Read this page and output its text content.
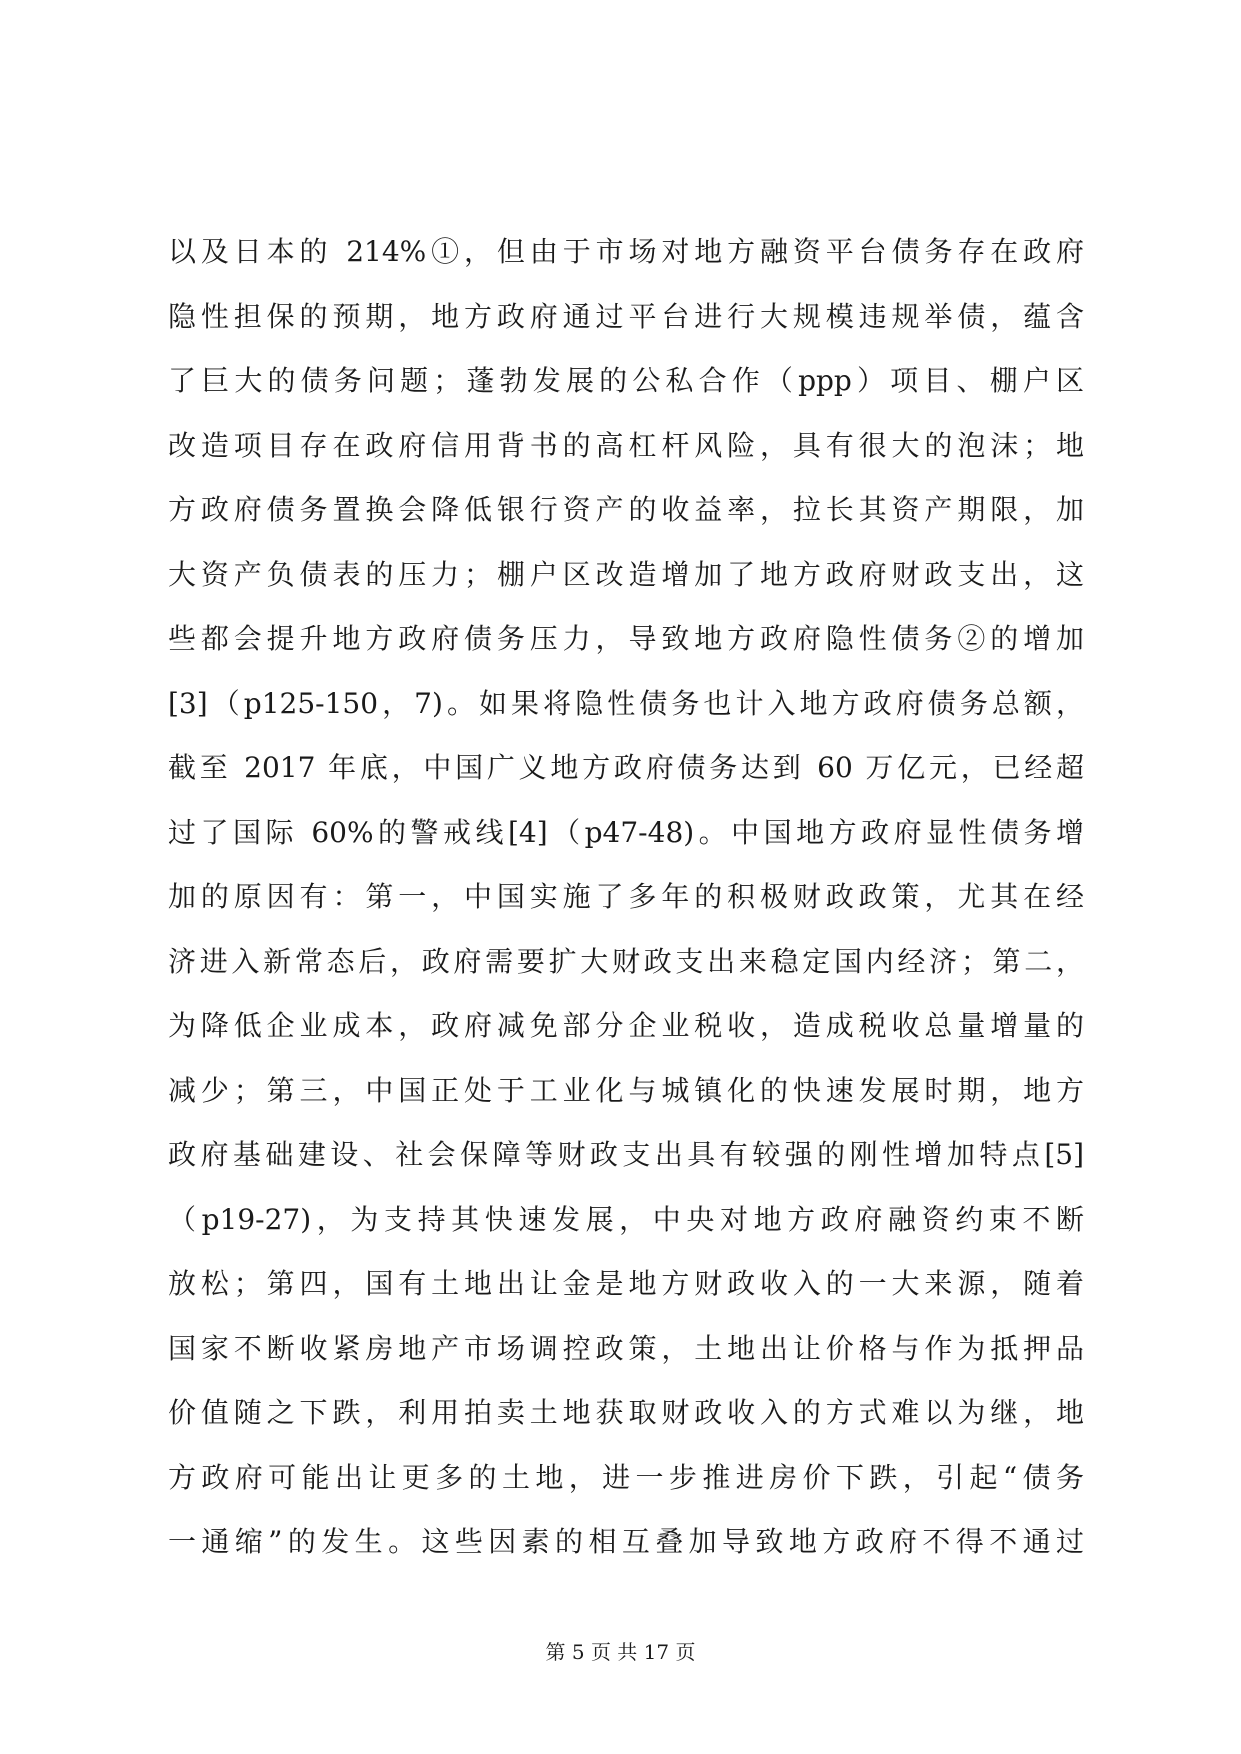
以及日本的 214%①，但由于市场对地方融资平台债务存在政府
隐性担保的预期，地方政府通过平台进行大规模违规举债，蕴含
了巨大的债务问题；蓬勃发展的公私合作（ppp）项目、棚户区
改造项目存在政府信用背书的高杠杆风险，具有很大的泡沫；地
方政府债务置换会降低银行资产的收益率，拉长其资产期限，加
大资产负债表的压力；棚户区改造增加了地方政府财政支出，这
些都会提升地方政府债务压力，导致地方政府隐性债务②的增加
[3]（p125-150，7)。如果将隐性债务也计入地方政府债务总额，
截至 2017 年底，中国广义地方政府债务达到 60 万亿元，已经超
过了国际 60%的警戒线[4]（p47-48)。中国地方政府显性债务增
加的原因有：第一，中国实施了多年的积极财政政策，尤其在经
济进入新常态后，政府需要扩大财政支出来稳定国内经济；第二，
为降低企业成本，政府减免部分企业税收，造成税收总量增量的
减少；第三，中国正处于工业化与城镇化的快速发展时期，地方
政府基础建设、社会保障等财政支出具有较强的刚性增加特点[5]
（p19-27)，为支持其快速发展，中央对地方政府融资约束不断
放松；第四，国有土地出让金是地方财政收入的一大来源，随着
国家不断收紧房地产市场调控政策，土地出让价格与作为抵押品
价值随之下跌，利用拍卖土地获取财政收入的方式难以为继，地
方政府可能出让更多的土地，进一步推进房价下跌，引起“债务
一通缩”的发生。这些因素的相互叠加导致地方政府不得不通过
第 5 页 共 17 页
